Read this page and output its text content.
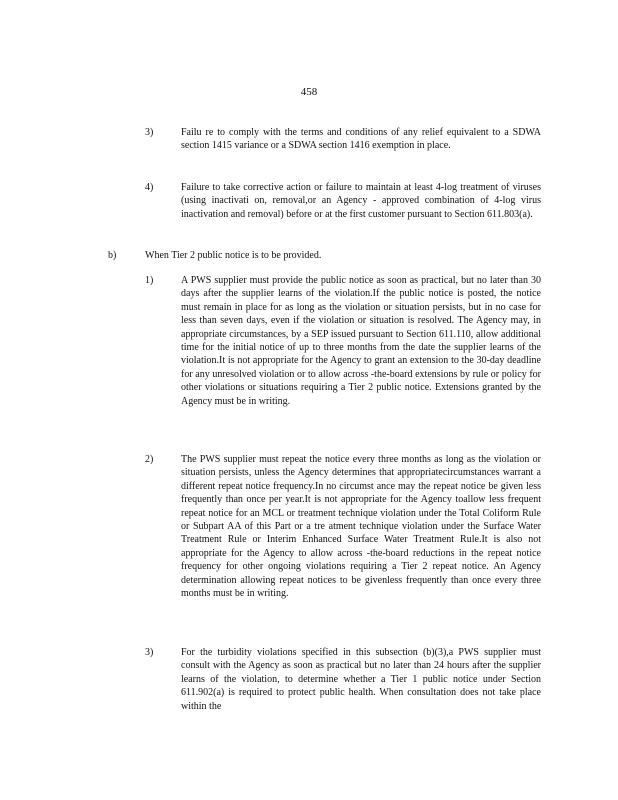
458
3)	Failu re to comply with the terms and conditions of any relief equivalent to a SDWA section 1415 variance or a SDWA section 1416 exemption in place.
4)	Failure to take corrective action or failure to maintain at least 4-log treatment of viruses (using inactivati on, removal,or an Agency - approved combination of 4-log virus inactivation and removal) before or at the first customer pursuant to Section 611.803(a).
b)	When Tier 2 public notice is to be provided.
1)	A PWS supplier must provide the public notice as soon as practical, but no later than 30 days after the supplier learns of the violation.If the public notice is posted, the notice must remain in place for as long as the violation or situation persists, but in no case for less than seven days, even if the violation or situation is resolved. The Agency may, in appropriate circumstances, by a SEP issued pursuant to Section 611.110, allow additional time for the initial notice of up to three months from the date the supplier learns of the violation.It is not appropriate for the Agency to grant an extension to the 30-day deadline for any unresolved violation or to allow across -the-board extensions by rule or policy for other violations or situations requiring a Tier 2 public notice. Extensions granted by the Agency must be in writing.
2)	The PWS supplier must repeat the notice every three months as long as the violation or situation persists, unless the Agency determines that appropriatecircumstances warrant a different repeat notice frequency.In no circumst ance may the repeat notice be given less frequently than once per year.It is not appropriate for the Agency toallow less frequent repeat notice for an MCL or treatment technique violation under the Total Coliform Rule or Subpart AA of this Part or a tre atment technique violation under the Surface Water Treatment Rule or Interim Enhanced Surface Water Treatment Rule.It is also not appropriate for the Agency to allow across -the-board reductions in the repeat notice frequency for other ongoing violations requiring a Tier 2 repeat notice. An Agency determination allowing repeat notices to be givenless frequently than once every three months must be in writing.
3)	For the turbidity violations specified in this subsection (b)(3),a PWS supplier must consult with the Agency as soon as practical but no later than 24 hours after the supplier learns of the violation, to determine whether a Tier 1 public notice under Section 611.902(a) is required to protect public health. When consultation does not take place within the
